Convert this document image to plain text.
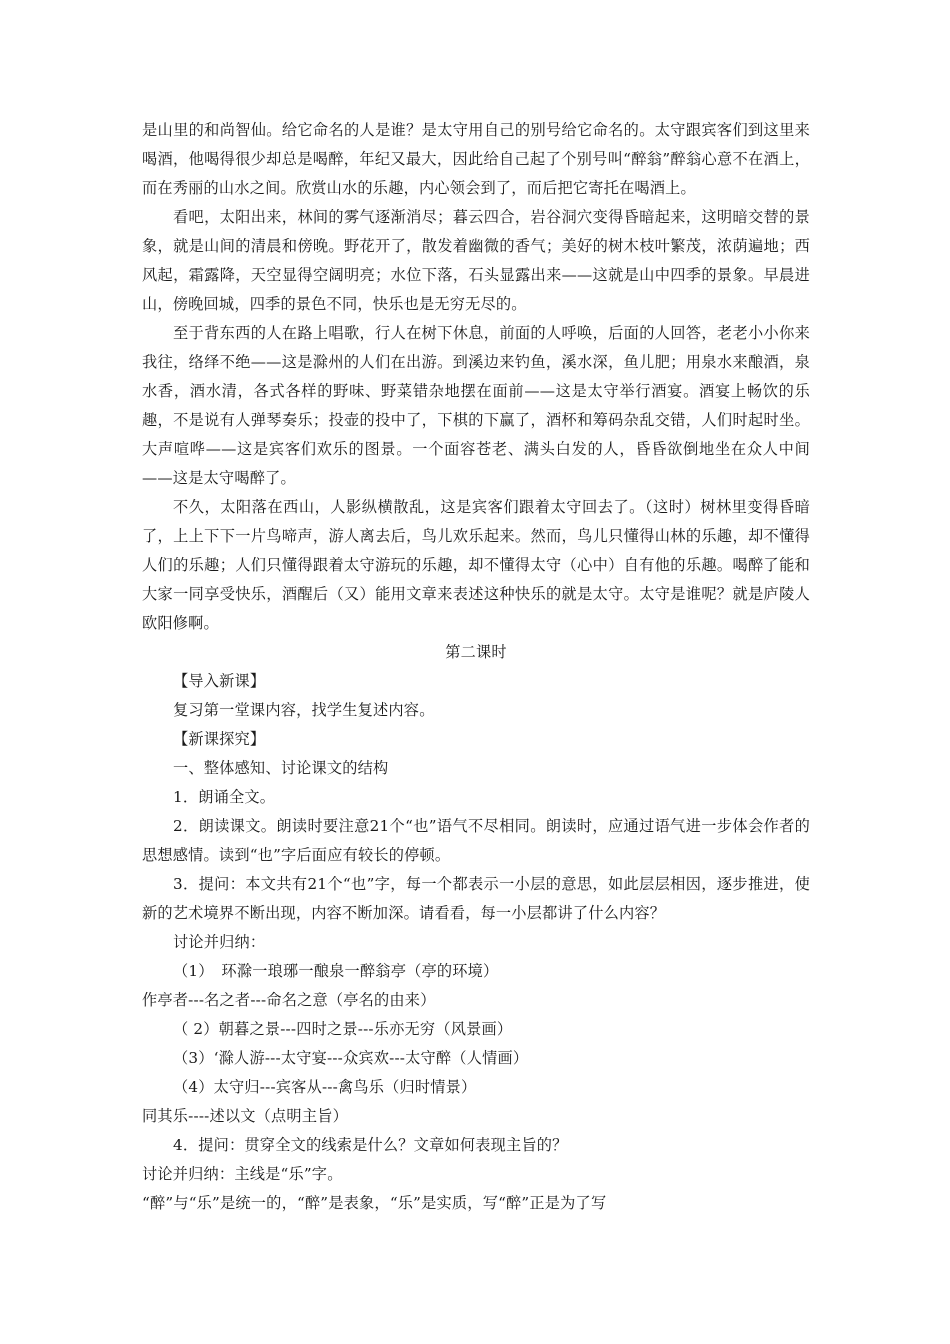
是山里的和尚智仙。给它命名的人是谁？是太守用自己的别号给它命名的。太守跟宾客们到这里来喝酒，他喝得很少却总是喝醉，年纪又最大，因此给自己起了个别号叫“醉翁”醉翁心意不在酒上，而在秀丽的山水之间。欣赏山水的乐趣，内心领会到了，而后把它寄托在喝酒上。

看吧，太阳出来，林间的雾气逐渐消尽；暮云四合，岩谷洞穴变得昏暗起来，这明暗交替的景象，就是山间的清晨和傍晚。野花开了，散发着幽微的香气；美好的树木枝叶繁茂，浓荫遍地；西风起，霜露降，天空显得空阔明亮；水位下落，石头显露出来——这就是山中四季的景象。早晨进山，傍晚回城，四季的景色不同，快乐也是无穷无尽的。

至于背东西的人在路上唱歌，行人在树下休息，前面的人呼唤，后面的人回答，老老小小你来我往，络绎不绝——这是滁州的人们在出游。到溪边来钓鱼，溪水深，鱼儿肥；用泉水来酿酒，泉水香，酒水清，各式各样的野味、野菜错杂地摆在面前——这是太守举行酒宴。酒宴上畅饮的乐趣，不是说有人弹琴奏乐；投壶的投中了，下棋的下赢了，酒杯和筹码杂乱交错，人们时起时坐。大声喧哗——这是宾客们欢乐的图景。一个面容苍老、满头白发的人，昏昏欲倒地坐在众人中间——这是太守喝醉了。

不久，太阳落在西山，人影纵横散乱，这是宾客们跟着太守回去了。（这时）树林里变得昏暗了，上上下下一片鸟啼声，游人离去后，鸟儿欢乐起来。然而，鸟儿只懂得山林的乐趣，却不懂得人们的乐趣；人们只懂得跟着太守游玩的乐趣，却不懂得太守（心中）自有他的乐趣。喝醉了能和大家一同享受快乐，酒醒后（又）能用文章来表述这种快乐的就是太守。太守是谁呢？就是庐陵人欧阳修啊。

第二课时

【导入新课】

复习第一堂课内容，找学生复述内容。

【新课探究】

一、整体感知、讨论课文的结构

1．朗诵全文。

2．朗读课文。朗读时要注意21个“也”语气不尽相同。朗读时，应通过语气进一步体会作者的思想感情。读到“也”字后面应有较长的停顿。

3．提问：本文共有21个“也”字，每一个都表示一小层的意思，如此层层相因，逐步推进，使新的艺术境界不断出现，内容不断加深。请看看，每一小层都讲了什么内容？

讨论并归纳：

（1）　环滁一琅琊一酿泉一醉翁亭（亭的环境）

作亭者---名之者---命名之意（亭名的由来）

（ 2）朝暮之景---四时之景---乐亦无穷（风景画）

（3）‘滁人游---太守宴---众宾欢---太守醉（人情画）

（4）太守归---宾客从---禽鸟乐（归时情景）

同其乐----述以文（点明主旨）

4．提问：贯穿全文的线索是什么？文章如何表现主旨的？

讨论并归纳：主线是“乐”字。

“醉”与“乐”是统一的，“醉”是表象，“乐”是实质，写“醉”正是为了写
